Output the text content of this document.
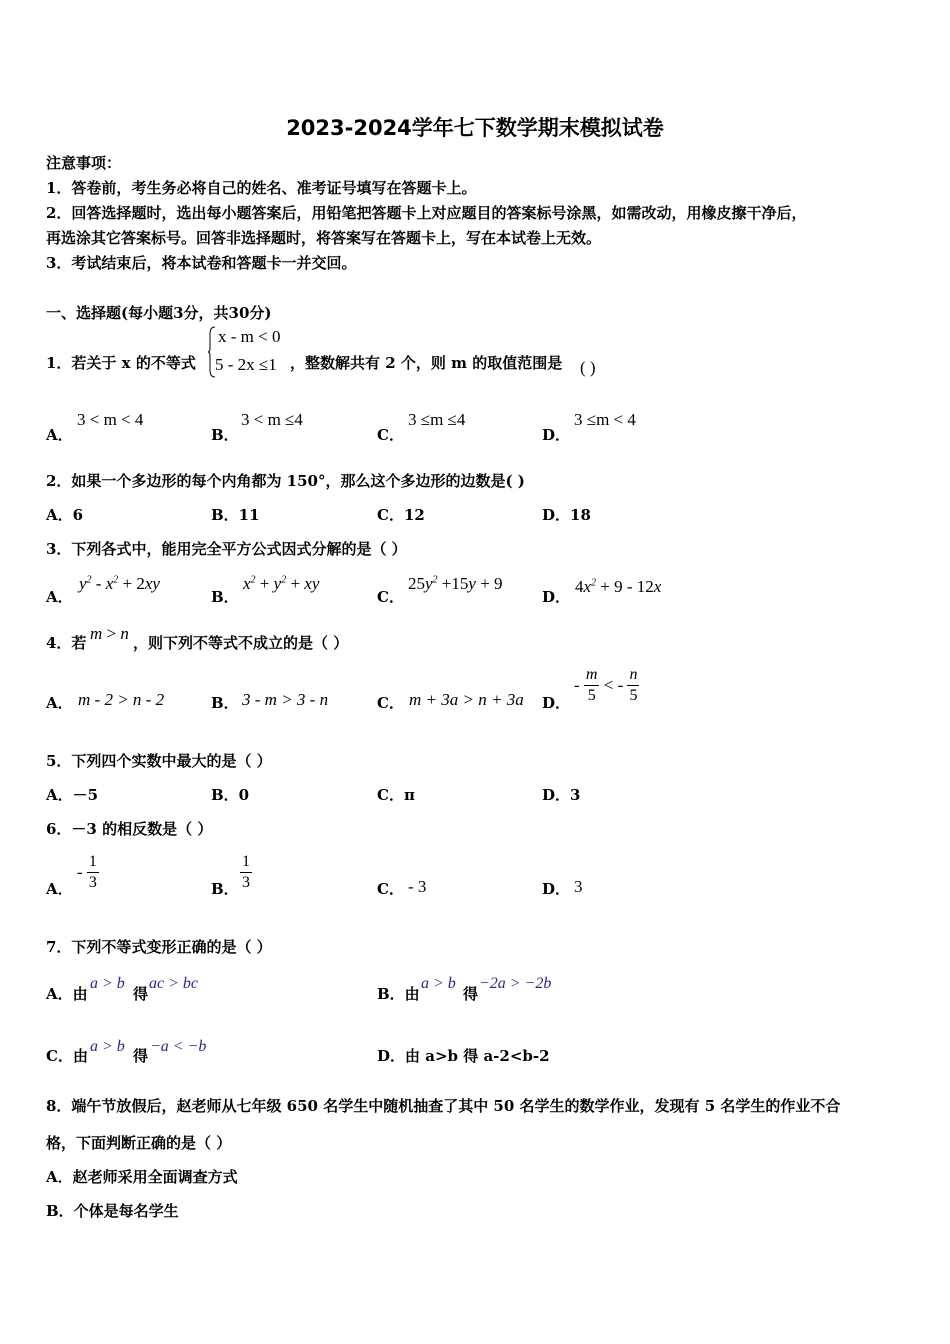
2023-2024学年七下数学期末模拟试卷
注意事项：
1．答卷前，考生务必将自己的姓名、准考证号填写在答题卡上。
2．回答选择题时，选出每小题答案后，用铅笔把答题卡上对应题目的答案标号涂黑，如需改动，用橡皮擦干净后，
再选涂其它答案标号。回答非选择题时，将答案写在答题卡上，写在本试卷上无效。
3．考试结束后，将本试卷和答题卡一并交回。
一、选择题(每小题3分，共30分)
1．若关于 x 的不等式
x - m < 0
5 - 2x ≤1 ，整数解共有 2 个，则 m 的取值范围是 ( )
A．
3 < m < 4
B．
3 < m ≤4
C．
3 ≤m ≤4
D．
3 ≤m < 4
2．如果一个多边形的每个内角都为 150°，那么这个多边形的边数是( )
A．6	B．11	C．12	D．18
3．下列各式中，能用完全平方公式因式分解的是（ ）
A．
$y^2 - x^2 + 2xy$
B．
$x^2 + y^2$ + xy
C．
$25y^2 +15y + 9$
D．
$4x^2 + 9 - 12x$
4．若 m > n ，则下列不等式不成立的是（ ）
A． m - 2 > n - 2	B． 3 - m > 3 - n	C． m + 3a > n + 3a D．
- $\frac{m}{5}$ < - $\frac{n}{5}$
5．下列四个实数中最大的是（ ）
A．－5	B．0	C．π	D．3
6．－3 的相反数是（ ）
A．
- $\frac{1}{3}$	B． $\frac{1}{3}$	C． - 3	D． 3
7．下列不等式变形正确的是（ ）
A．由
a > b
得
ac > bc
B．由
a > b
得
−2a > −2b
C．由
a > b
得
−a < −b
D．由 a>b 得 a-2<b-2
8．端午节放假后，赵老师从七年级 650 名学生中随机抽查了其中 50 名学生的数学作业，发现有 5 名学生的作业不合
格，下面判断正确的是（ ）
A．赵老师采用全面调查方式
B．个体是每名学生
